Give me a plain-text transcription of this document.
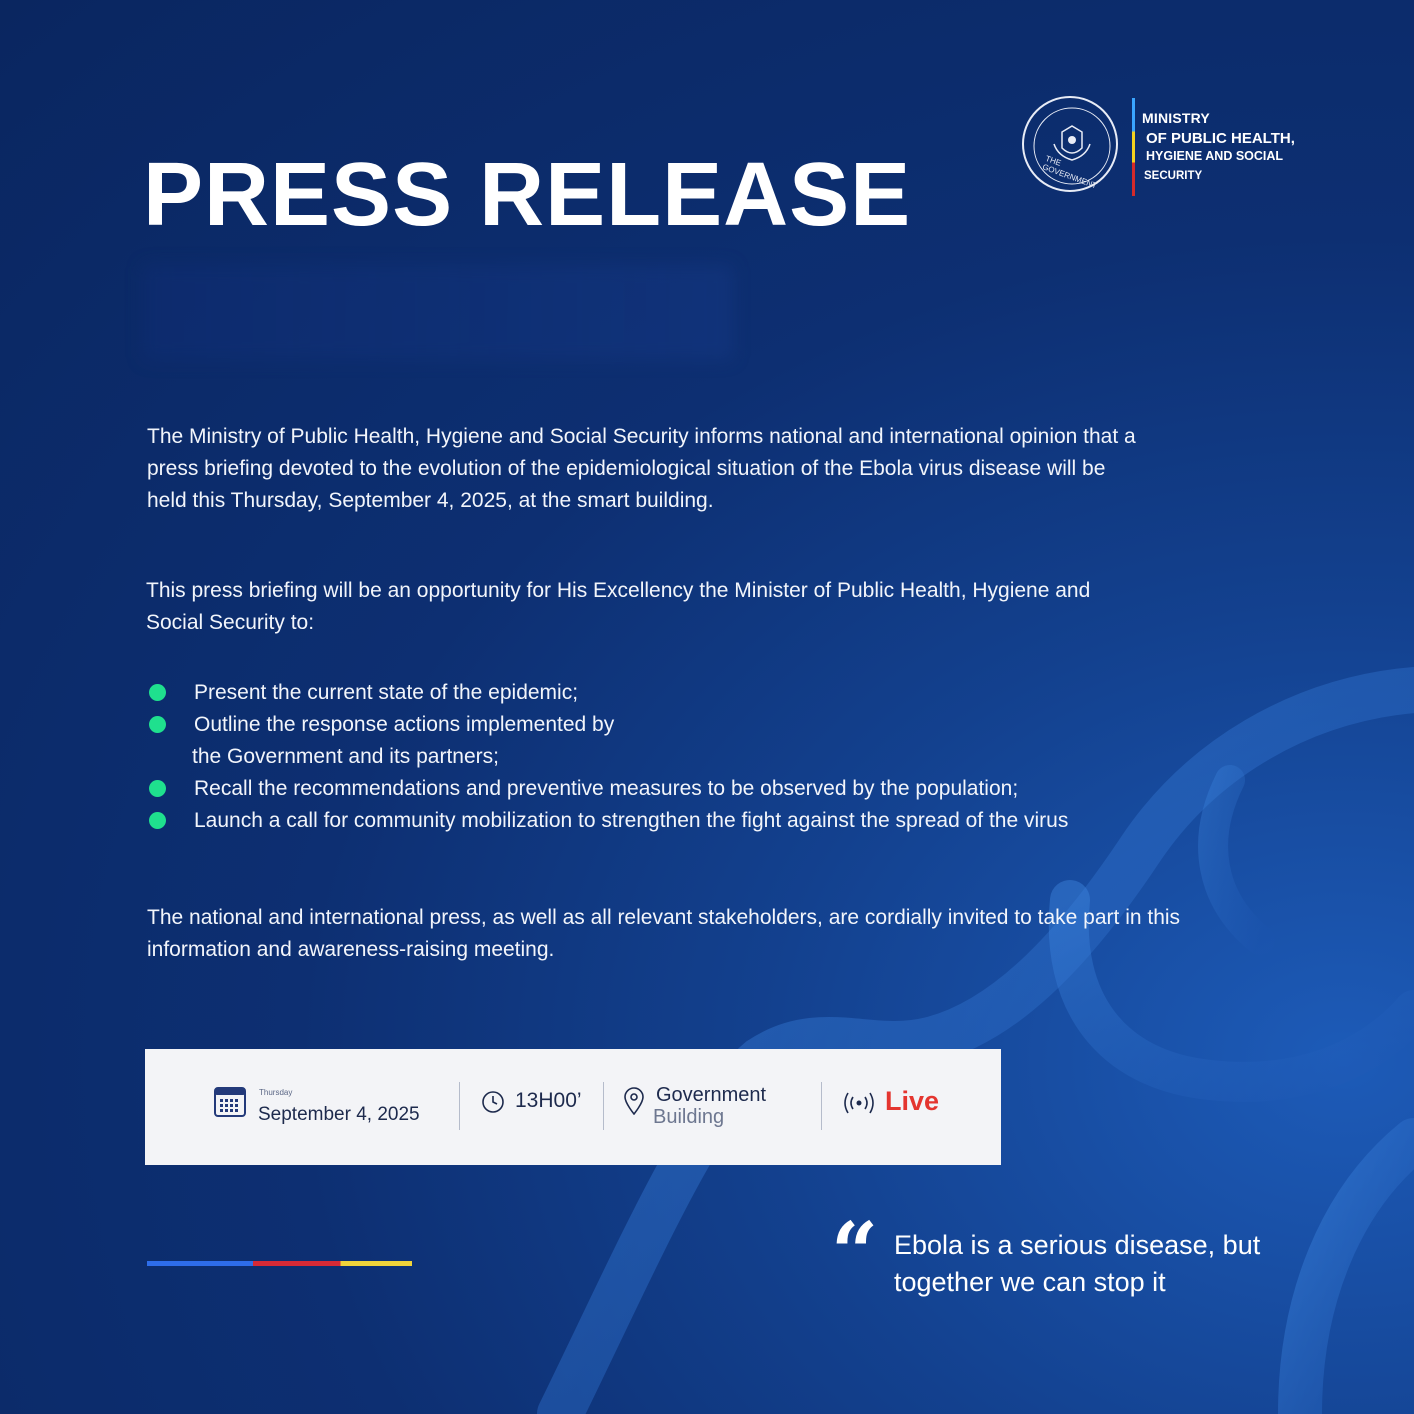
PRESS RELEASE	THE GOVERNMENT
MINISTRY
OF PUBLIC HEALTH,
HYGIENE AND SOCIAL
SECURITY

The Ministry of Public Health, Hygiene and Social Security informs national and international opinion that a press briefing devoted to the evolution of the epidemiological situation of the Ebola virus disease will be held this Thursday, September 4, 2025, at the smart building.

This press briefing will be an opportunity for His Excellency the Minister of Public Health, Hygiene and Social Security to:

Present the current state of the epidemic;
Outline the response actions implemented by
the Government and its partners;
Recall the recommendations and preventive measures to be observed by the population;
Launch a call for community mobilization to strengthen the fight against the spread of the virus

The national and international press, as well as all relevant stakeholders, are cordially invited to take part in this information and awareness-raising meeting.

Thursday
September 4, 2025
13H00’	Government
Building
Live
“ Ebola is a serious disease, but together we can stop it
